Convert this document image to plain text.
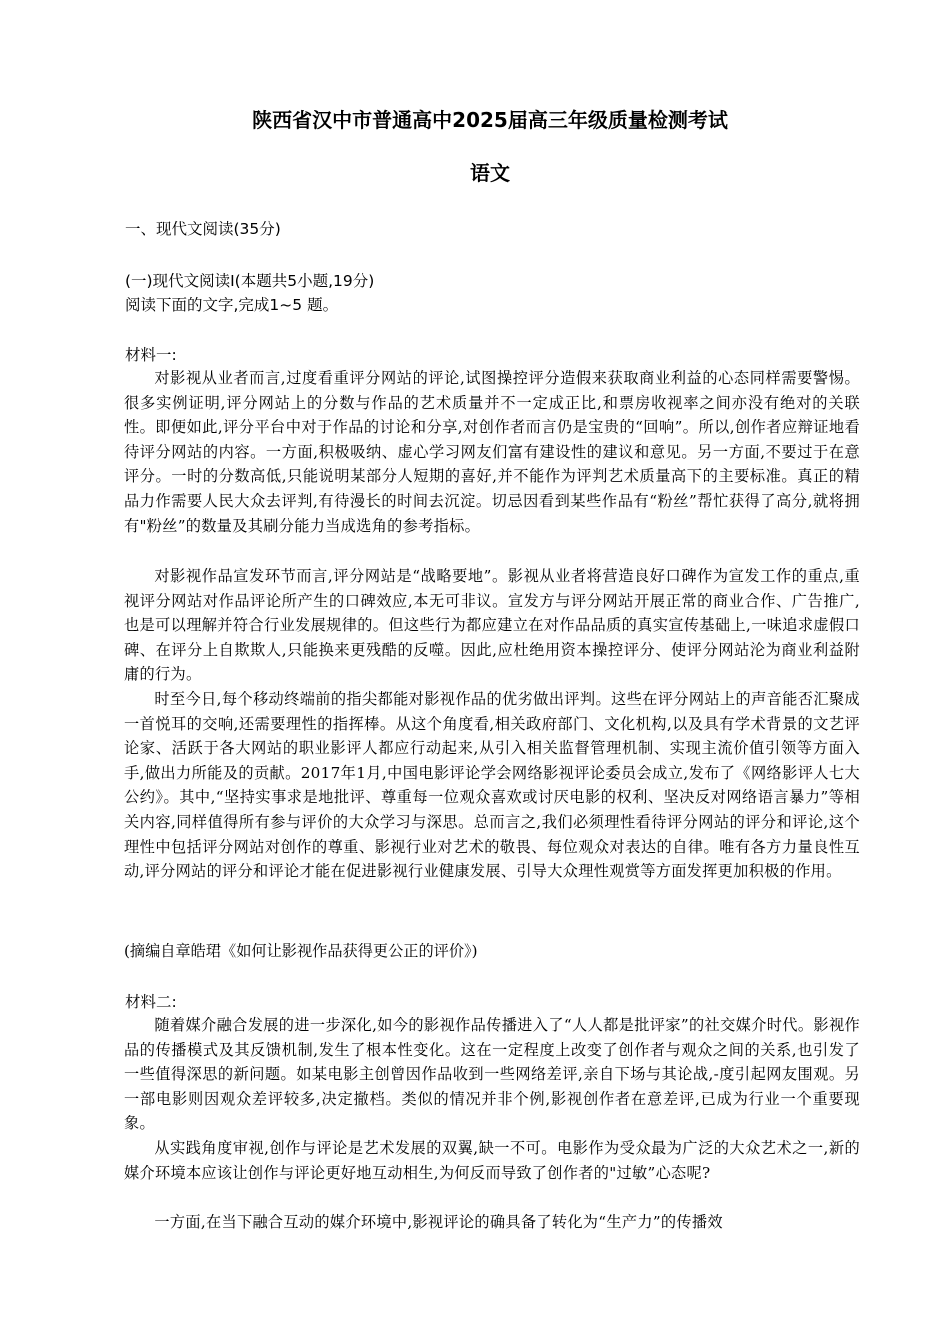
陕西省汉中市普通高中2025届高三年级质量检测考试
语文
一、现代文阅读(35分)
(一)现代文阅读I(本题共5小题,19分)
阅读下面的文字,完成1~5 题。
材料一:
对影视从业者而言,过度看重评分网站的评论,试图操控评分造假来获取商业利益的心态同样需要警惕。很多实例证明,评分网站上的分数与作品的艺术质量并不一定成正比,和票房收视率之间亦没有绝对的关联性。即便如此,评分平台中对于作品的讨论和分享,对创作者而言仍是宝贵的“回响”。所以,创作者应辩证地看待评分网站的内容。一方面,积极吸纳、虚心学习网友们富有建设性的建议和意见。另一方面,不要过于在意评分。一时的分数高低,只能说明某部分人短期的喜好,并不能作为评判艺术质量高下的主要标准。真正的精品力作需要人民大众去评判,有待漫长的时间去沉淀。切忌因看到某些作品有“粉丝”帮忙获得了高分,就将拥有"粉丝”的数量及其刷分能力当成选角的参考指标。
对影视作品宣发环节而言,评分网站是“战略要地”。影视从业者将营造良好口碑作为宣发工作的重点,重视评分网站对作品评论所产生的口碑效应,本无可非议。宣发方与评分网站开展正常的商业合作、广告推广,也是可以理解并符合行业发展规律的。但这些行为都应建立在对作品品质的真实宣传基础上,一味追求虚假口碑、在评分上自欺欺人,只能换来更残酷的反噬。因此,应杜绝用资本操控评分、使评分网站沦为商业利益附庸的行为。
时至今日,每个移动终端前的指尖都能对影视作品的优劣做出评判。这些在评分网站上的声音能否汇聚成一首悦耳的交响,还需要理性的指挥棒。从这个角度看,相关政府部门、文化机构,以及具有学术背景的文艺评论家、活跃于各大网站的职业影评人都应行动起来,从引入相关监督管理机制、实现主流价值引领等方面入手,做出力所能及的贡献。2017年1月,中国电影评论学会网络影视评论委员会成立,发布了《网络影评人七大公约》。其中,“坚持实事求是地批评、尊重每一位观众喜欢或讨厌电影的权利、坚决反对网络语言暴力”等相关内容,同样值得所有参与评价的大众学习与深思。总而言之,我们必须理性看待评分网站的评分和评论,这个理性中包括评分网站对创作的尊重、影视行业对艺术的敬畏、每位观众对表达的自律。唯有各方力量良性互动,评分网站的评分和评论才能在促进影视行业健康发展、引导大众理性观赏等方面发挥更加积极的作用。
(摘编自章皓珺《如何让影视作品获得更公正的评价》)
材料二:
随着媒介融合发展的进一步深化,如今的影视作品传播进入了“人人都是批评家”的社交媒介时代。影视作品的传播模式及其反馈机制,发生了根本性变化。这在一定程度上改变了创作者与观众之间的关系,也引发了一些值得深思的新问题。如某电影主创曾因作品收到一些网络差评,亲自下场与其论战,-度引起网友围观。另一部电影则因观众差评较多,决定撤档。类似的情况并非个例,影视创作者在意差评,已成为行业一个重要现象。
从实践角度审视,创作与评论是艺术发展的双翼,缺一不可。电影作为受众最为广泛的大众艺术之一,新的媒介环境本应该让创作与评论更好地互动相生,为何反而导致了创作者的"过敏”心态呢?
一方面,在当下融合互动的媒介环境中,影视评论的确具备了转化为“生产力”的传播效
